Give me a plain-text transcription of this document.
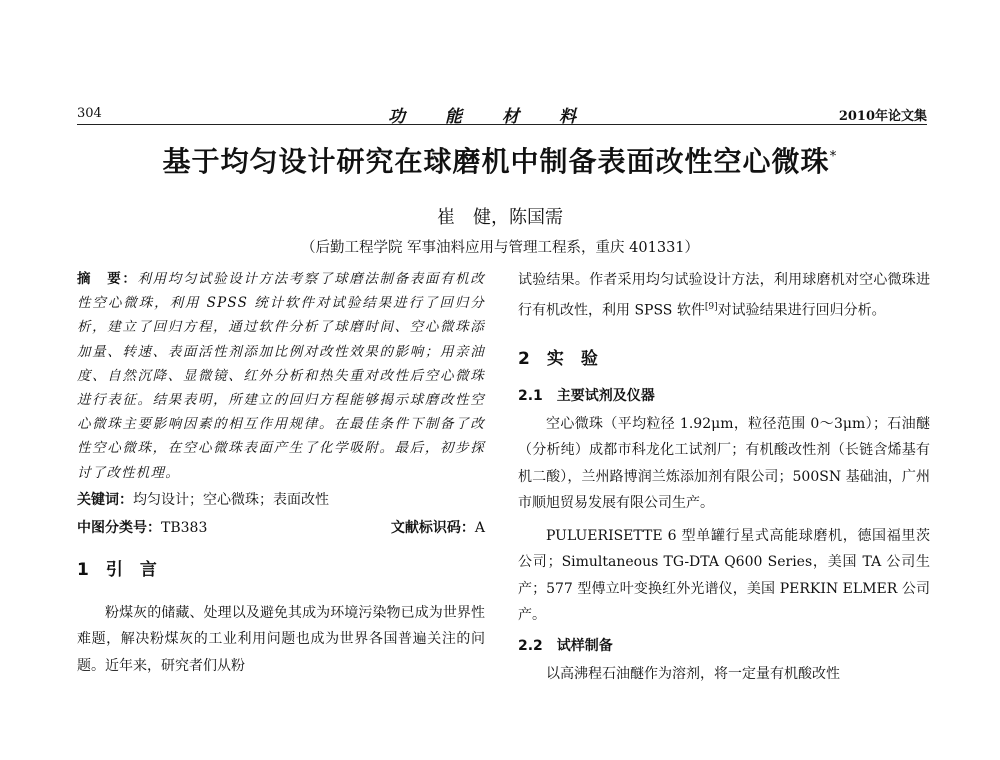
304	功能材料	2010年论文集
基于均匀设计研究在球磨机中制备表面改性空心微珠*
崔　健，陈国需
（后勤工程学院 军事油料应用与管理工程系，重庆 401331）
摘　要：利用均匀试验设计方法考察了球磨法制备表面有机改性空心微珠，利用 SPSS 统计软件对试验结果进行了回归分析，建立了回归方程，通过软件分析了球磨时间、空心微珠添加量、转速、表面活性剂添加比例对改性效果的影响；用亲油度、自然沉降、显微镜、红外分析和热失重对改性后空心微珠进行表征。结果表明，所建立的回归方程能够揭示球磨改性空心微珠主要影响因素的相互作用规律。在最佳条件下制备了改性空心微珠，在空心微珠表面产生了化学吸附。最后，初步探讨了改性机理。
关键词：均匀设计；空心微珠；表面改性
中图分类号：TB383	文献标识码：A
1　引　言

粉煤灰的储藏、处理以及避免其成为环境污染物已成为世界性难题，解决粉煤灰的工业利用问题也成为世界各国普遍关注的问题。近年来，研究者们从粉

试验结果。作者采用均匀试验设计方法，利用球磨机对空心微珠进行有机改性，利用 SPSS 软件[9]对试验结果进行回归分析。

2　实　验
2.1　主要试剂及仪器

空心微珠（平均粒径 1.92μm，粒径范围 0～3μm）；石油醚（分析纯）成都市科龙化工试剂厂；有机酸改性剂（长链含烯基有机二酸），兰州路博润兰炼添加剂有限公司；500SN 基础油，广州市顺旭贸易发展有限公司生产。

PULUERISETTE 6 型单罐行星式高能球磨机，德国福里茨公司；Simultaneous TG-DTA Q600 Series，美国 TA 公司生产；577 型傅立叶变换红外光谱仪，美国 PERKIN ELMER 公司产。

2.2　试样制备

以高沸程石油醚作为溶剂，将一定量有机酸改性
